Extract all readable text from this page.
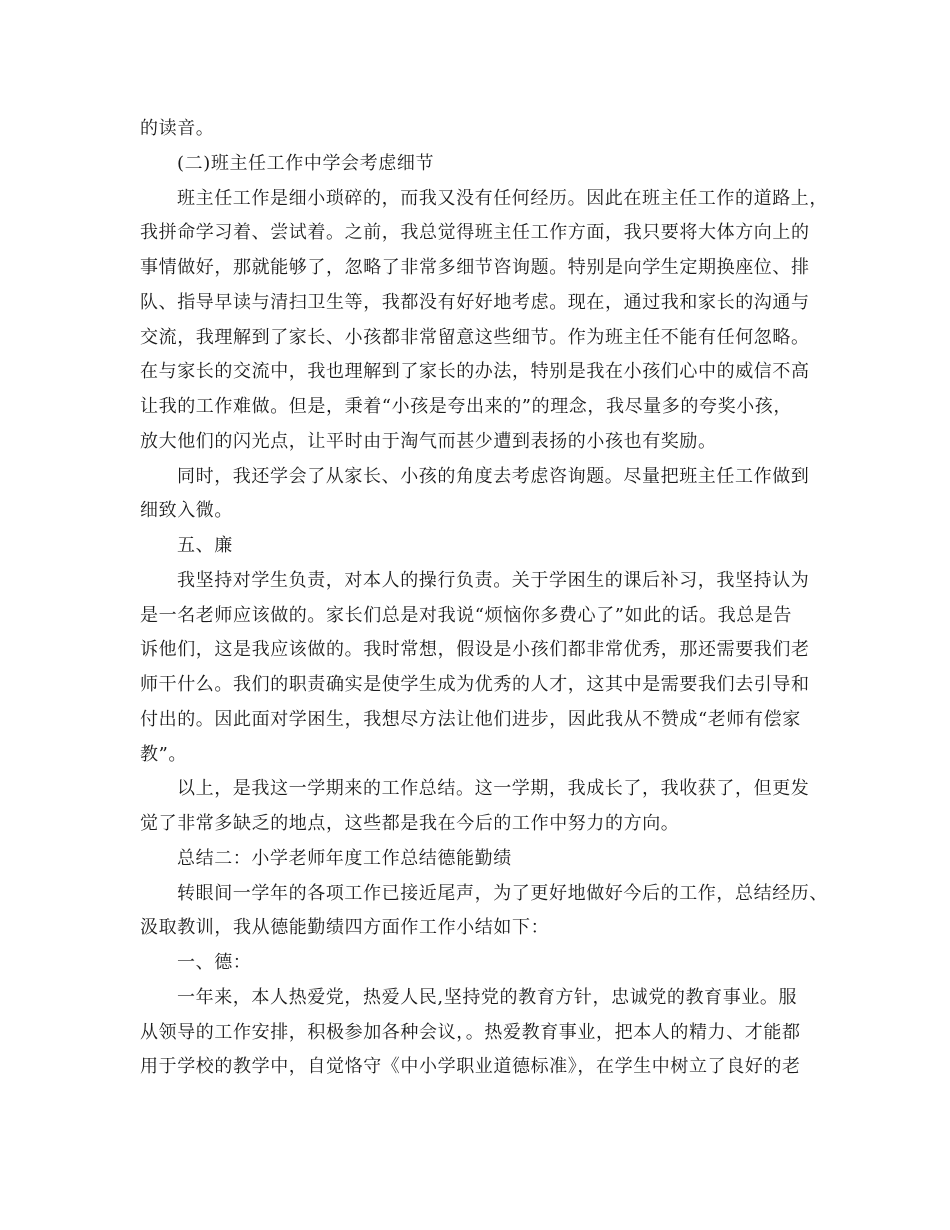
的读音。
(二)班主任工作中学会考虑细节
班主任工作是细小琐碎的，而我又没有任何经历。因此在班主任工作的道路上，
我拼命学习着、尝试着。之前，我总觉得班主任工作方面，我只要将大体方向上的
事情做好，那就能够了，忽略了非常多细节咨询题。特别是向学生定期换座位、排
队、指导早读与清扫卫生等，我都没有好好地考虑。现在，通过我和家长的沟通与
交流，我理解到了家长、小孩都非常留意这些细节。作为班主任不能有任何忽略。
在与家长的交流中，我也理解到了家长的办法，特别是我在小孩们心中的威信不高
让我的工作难做。但是，秉着“小孩是夸出来的”的理念，我尽量多的夸奖小孩，
放大他们的闪光点，让平时由于淘气而甚少遭到表扬的小孩也有奖励。
同时，我还学会了从家长、小孩的角度去考虑咨询题。尽量把班主任工作做到
细致入微。
五、廉
我坚持对学生负责，对本人的操行负责。关于学困生的课后补习，我坚持认为
是一名老师应该做的。家长们总是对我说“烦恼你多费心了”如此的话。我总是告
诉他们，这是我应该做的。我时常想，假设是小孩们都非常优秀，那还需要我们老
师干什么。我们的职责确实是使学生成为优秀的人才，这其中是需要我们去引导和
付出的。因此面对学困生，我想尽方法让他们进步，因此我从不赞成“老师有偿家
教”。
以上，是我这一学期来的工作总结。这一学期，我成长了，我收获了，但更发
觉了非常多缺乏的地点，这些都是我在今后的工作中努力的方向。
总结二：小学老师年度工作总结德能勤绩
转眼间一学年的各项工作已接近尾声，为了更好地做好今后的工作，总结经历、
汲取教训，我从德能勤绩四方面作工作小结如下：
一、德：
一年来，本人热爱党，热爱人民,坚持党的教育方针，忠诚党的教育事业。服
从领导的工作安排，积极参加各种会议，。热爱教育事业，把本人的精力、才能都
用于学校的教学中，自觉恪守《中小学职业道德标准》，在学生中树立了良好的老
